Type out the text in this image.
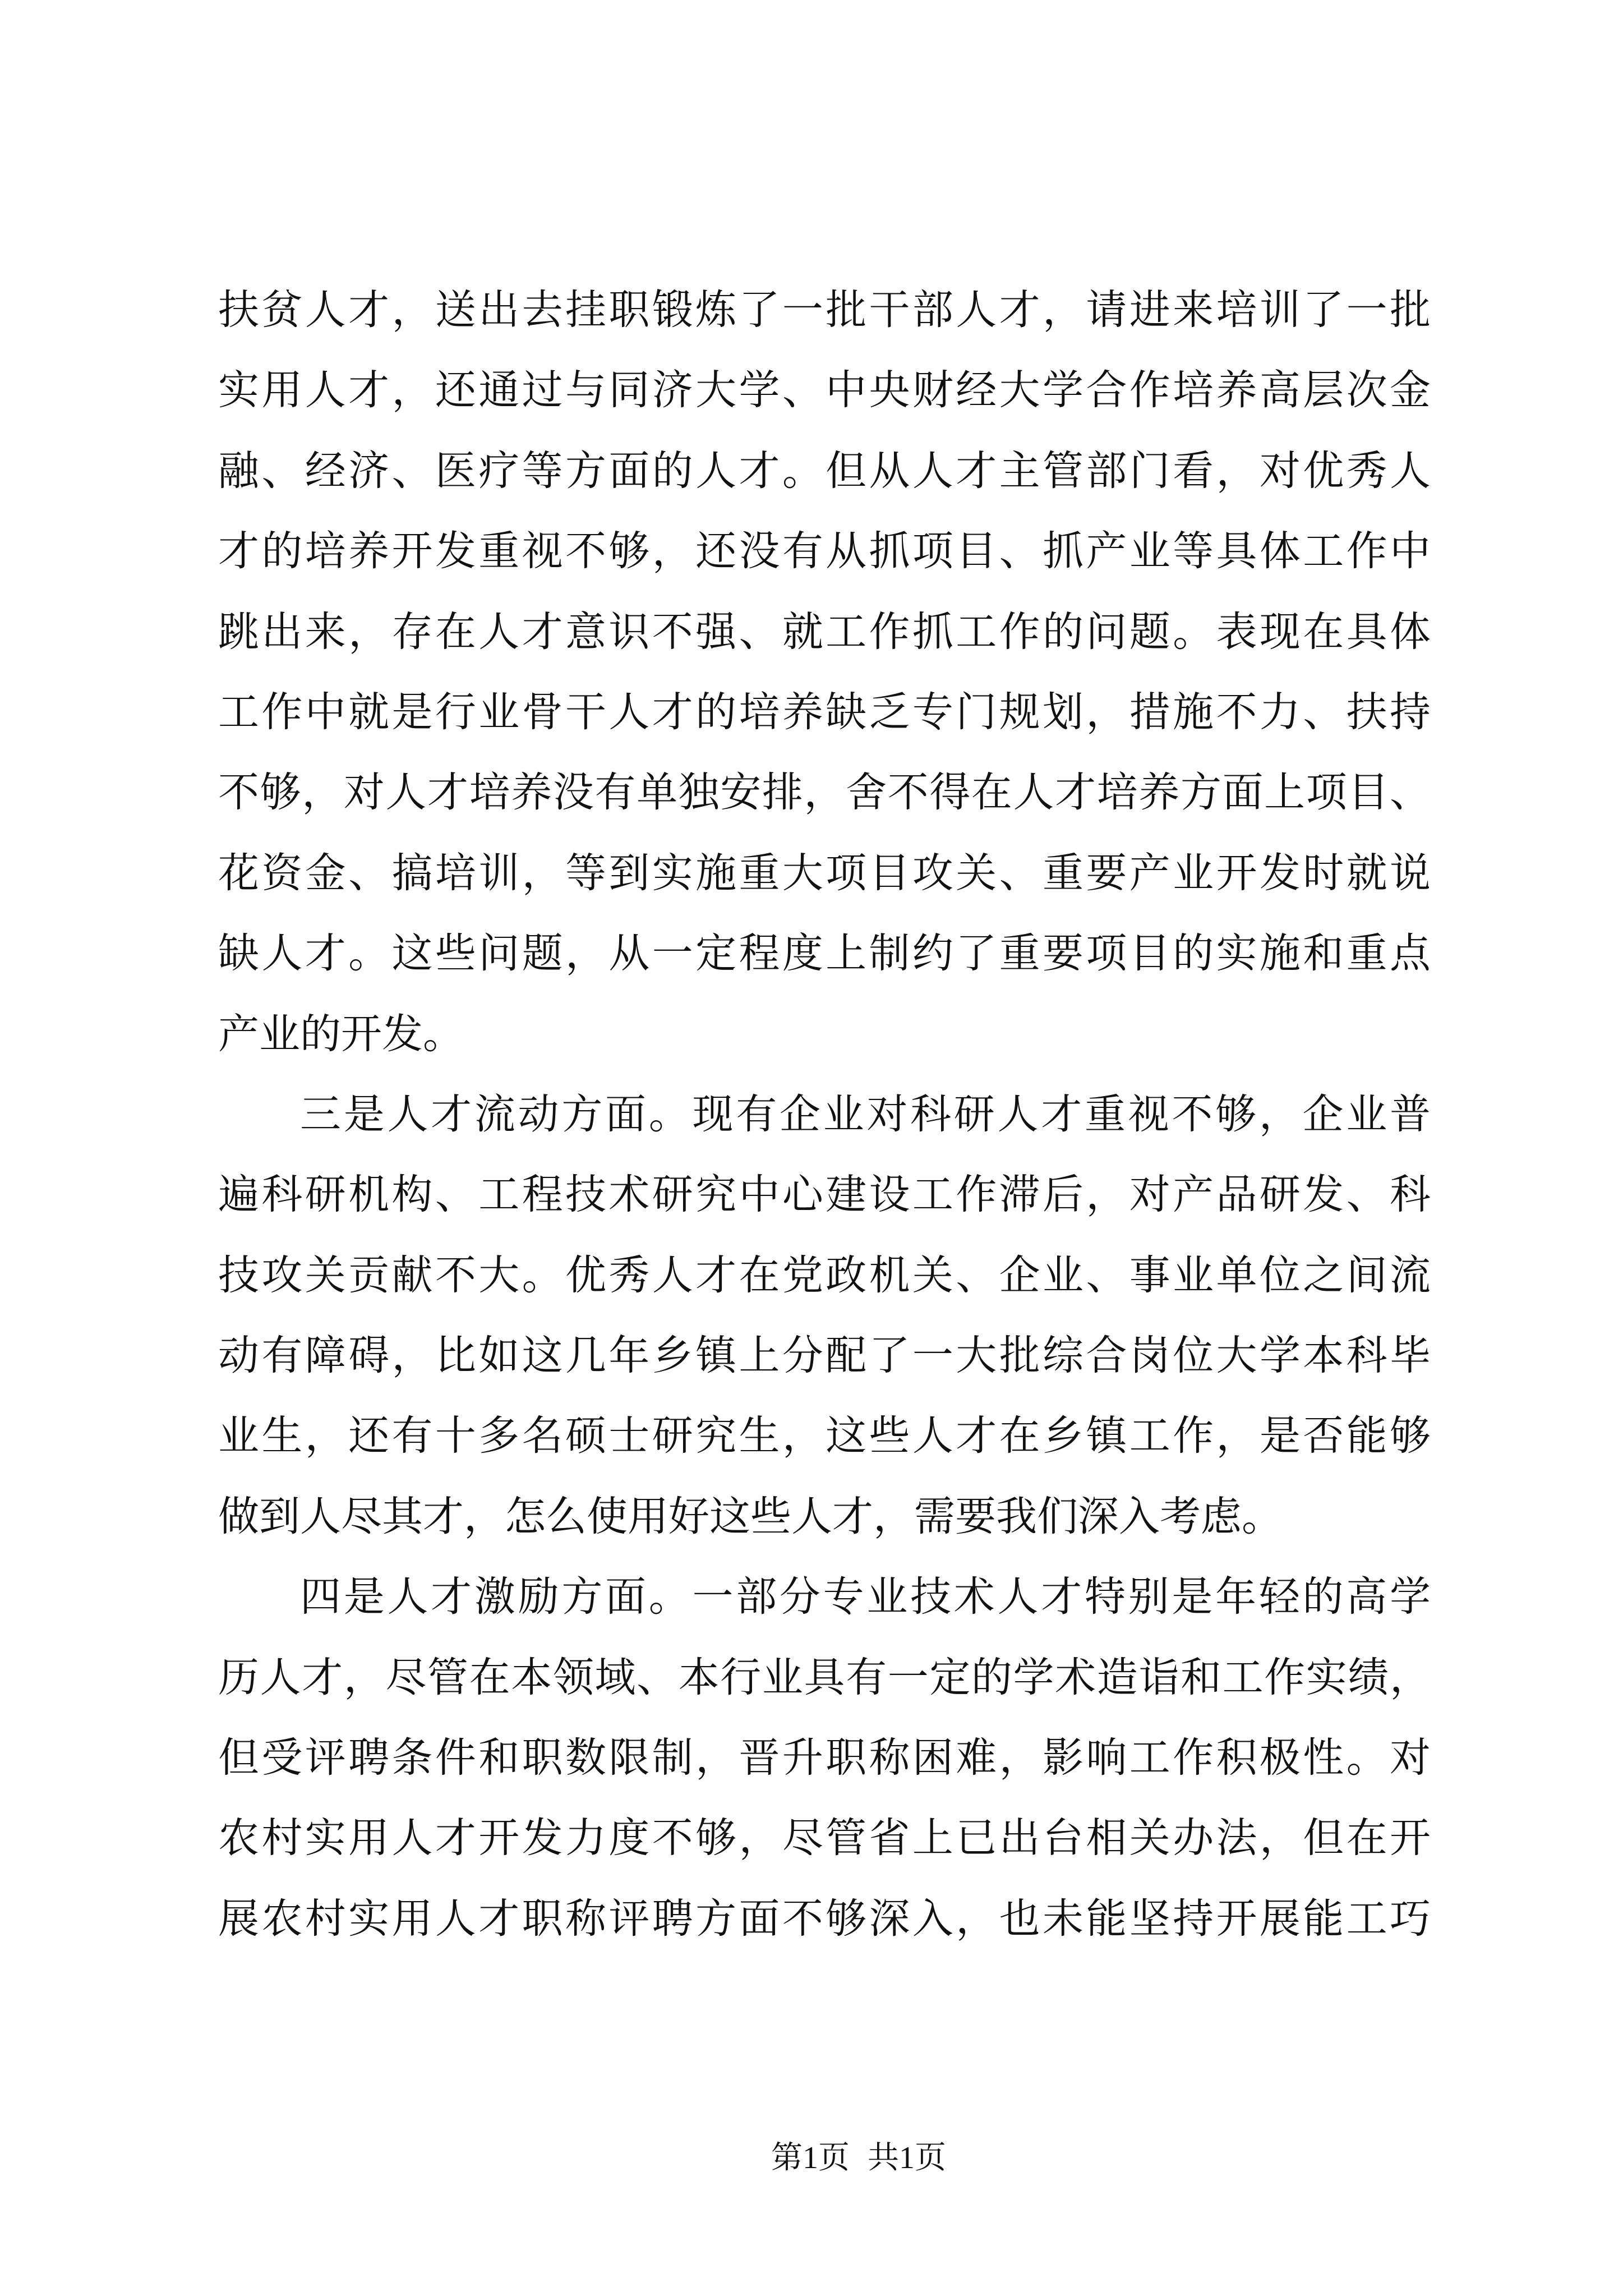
扶贫人才，送出去挂职锻炼了一批干部人才，请进来培训了一批
实用人才，还通过与同济大学、中央财经大学合作培养高层次金
融、经济、医疗等方面的人才。但从人才主管部门看，对优秀人
才的培养开发重视不够，还没有从抓项目、抓产业等具体工作中
跳出来，存在人才意识不强、就工作抓工作的问题。表现在具体
工作中就是行业骨干人才的培养缺乏专门规划，措施不力、扶持
不够，对人才培养没有单独安排，舍不得在人才培养方面上项目、
花资金、搞培训，等到实施重大项目攻关、重要产业开发时就说
缺人才。这些问题，从一定程度上制约了重要项目的实施和重点
产业的开发。
三是人才流动方面。现有企业对科研人才重视不够，企业普
遍科研机构、工程技术研究中心建设工作滞后，对产品研发、科
技攻关贡献不大。优秀人才在党政机关、企业、事业单位之间流
动有障碍，比如这几年乡镇上分配了一大批综合岗位大学本科毕
业生，还有十多名硕士研究生，这些人才在乡镇工作，是否能够
做到人尽其才，怎么使用好这些人才，需要我们深入考虑。
四是人才激励方面。一部分专业技术人才特别是年轻的高学
历人才，尽管在本领域、本行业具有一定的学术造诣和工作实绩，
但受评聘条件和职数限制，晋升职称困难，影响工作积极性。对
农村实用人才开发力度不够，尽管省上已出台相关办法，但在开
展农村实用人才职称评聘方面不够深入，也未能坚持开展能工巧
第1页 共1页
